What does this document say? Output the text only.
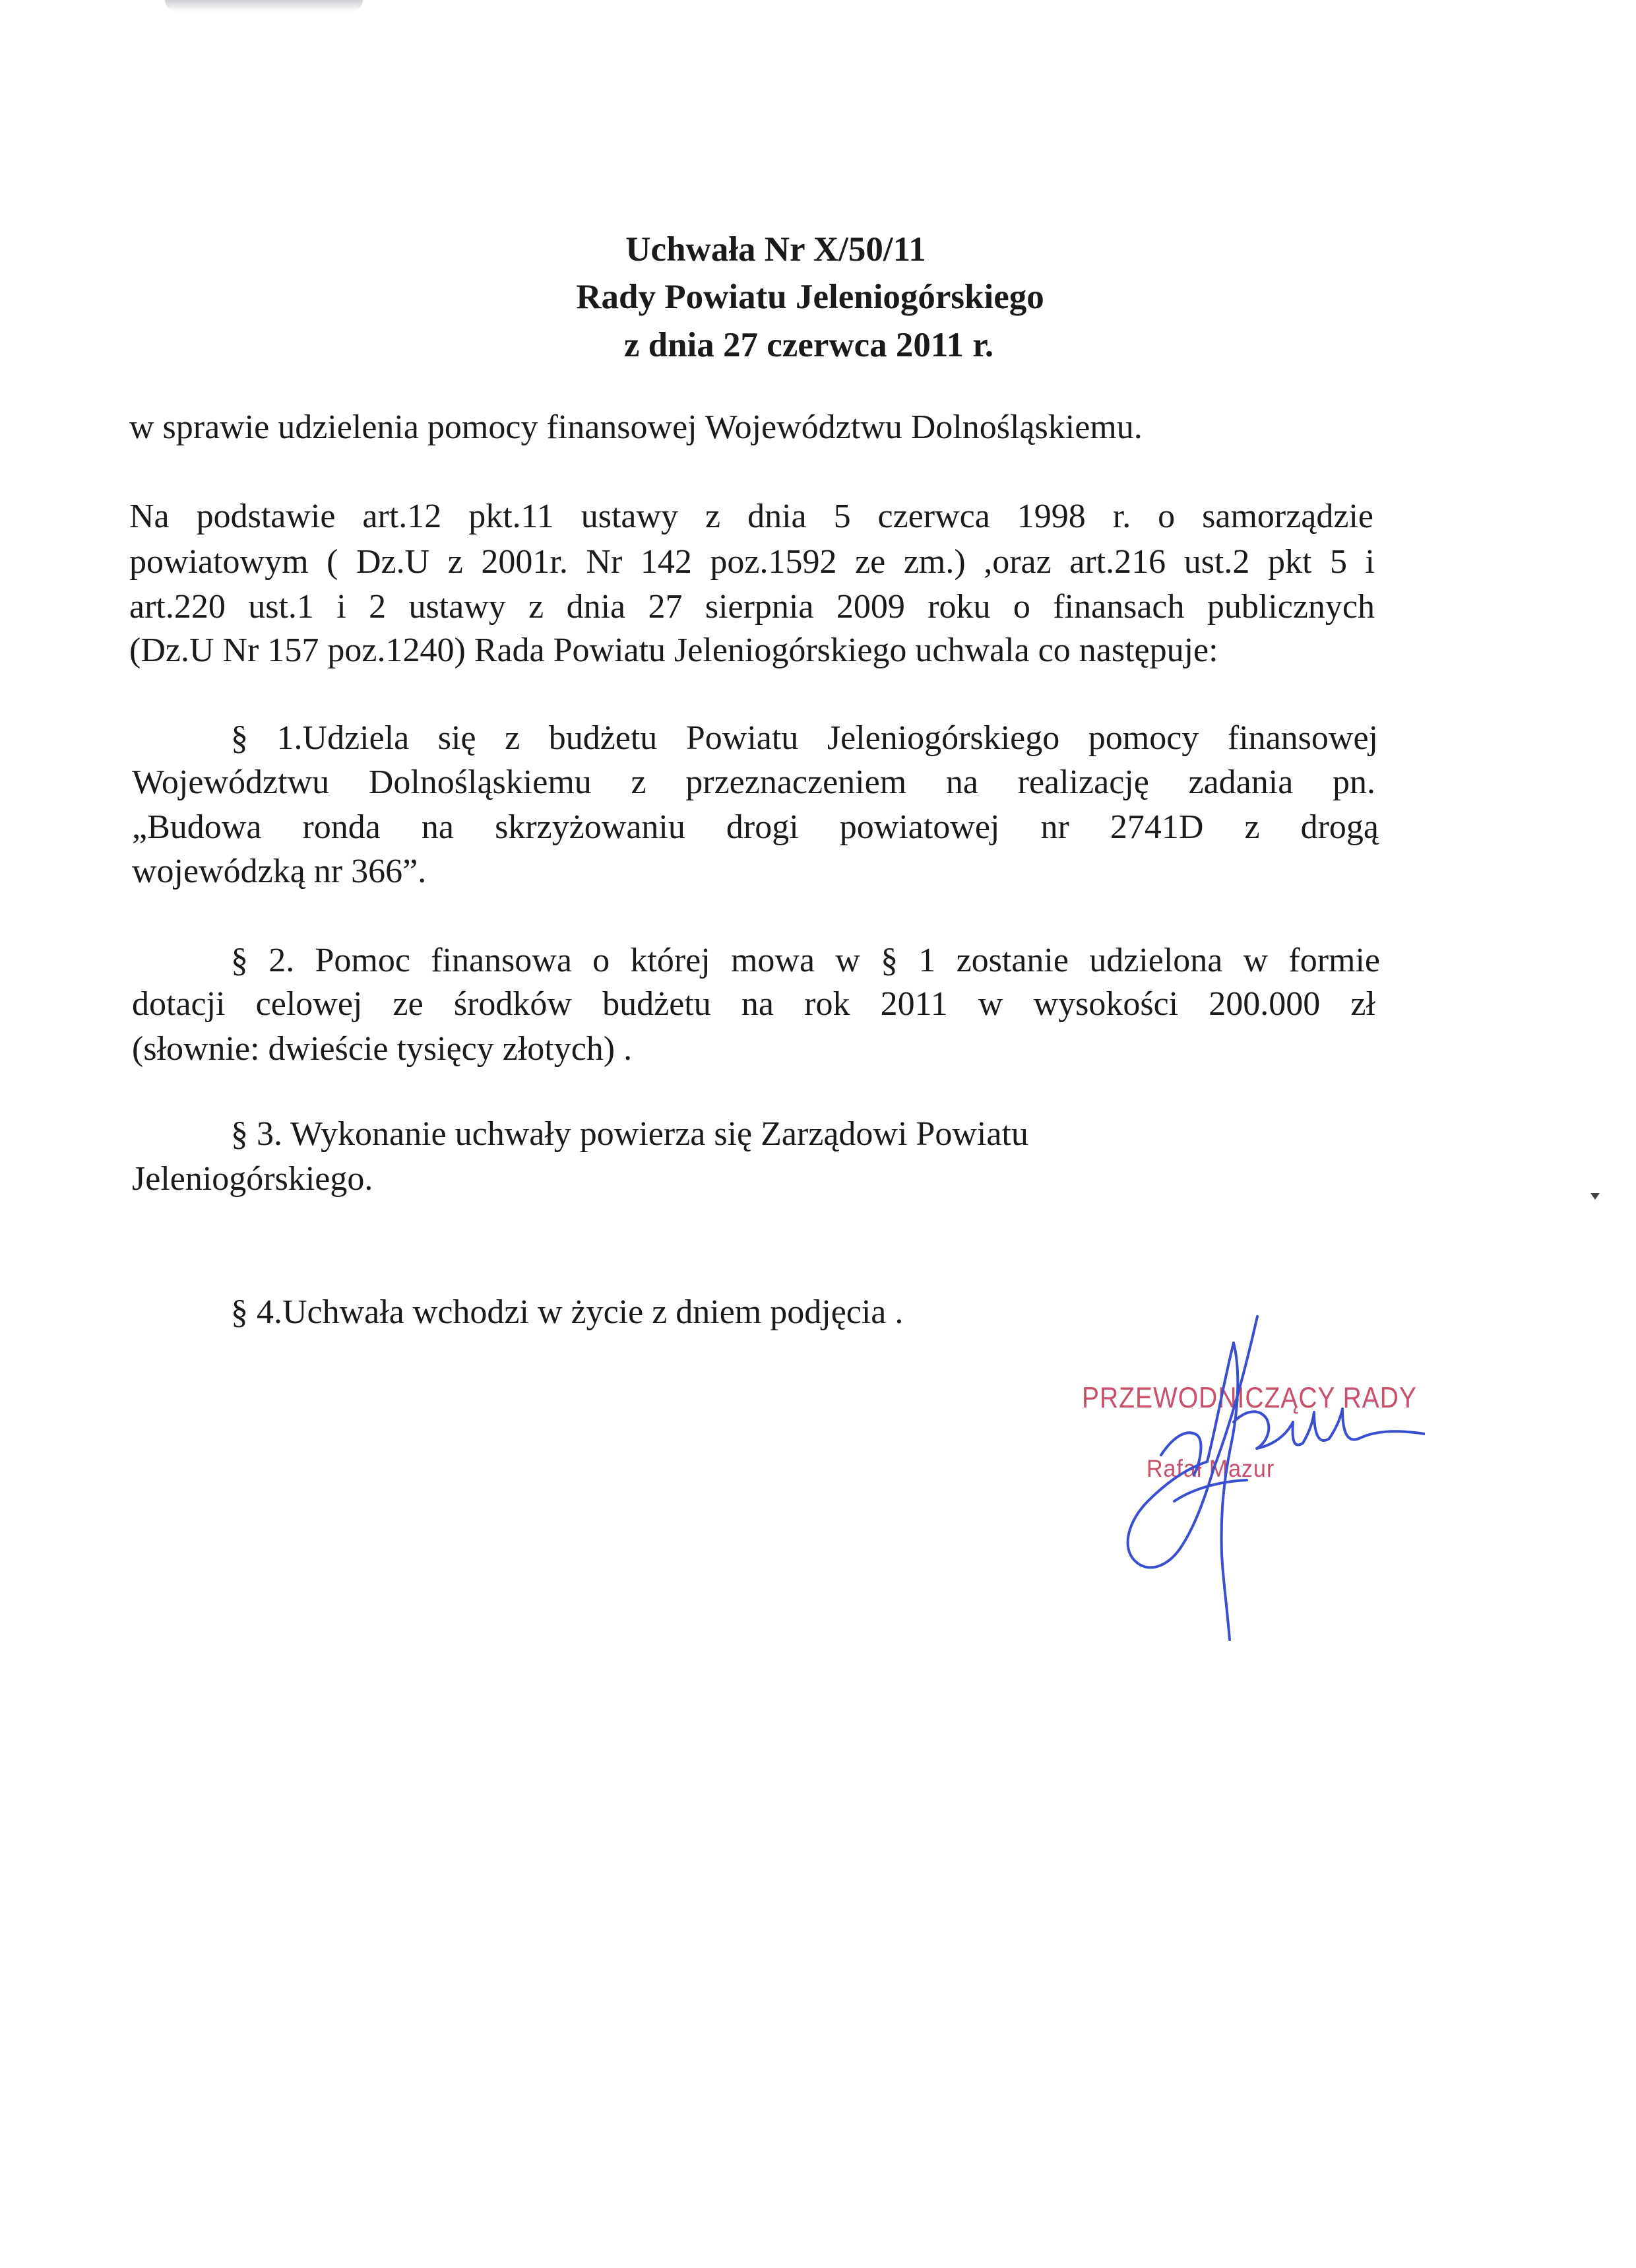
Uchwała Nr X/50/11
Rady Powiatu Jeleniogórskiego
z dnia 27 czerwca 2011 r.
w sprawie udzielenia pomocy finansowej Województwu Dolnośląskiemu.
Na podstawie art.12 pkt.11 ustawy z dnia 5 czerwca 1998 r. o samorządzie
powiatowym ( Dz.U z 2001r. Nr 142 poz.1592 ze zm.) ,oraz art.216 ust.2 pkt 5 i
art.220 ust.1 i 2 ustawy z dnia 27 sierpnia 2009 roku o finansach publicznych
(Dz.U Nr 157 poz.1240) Rada Powiatu Jeleniogórskiego uchwala co następuje:
§ 1.Udziela się z budżetu Powiatu Jeleniogórskiego pomocy finansowej
Województwu Dolnośląskiemu z przeznaczeniem na realizację zadania pn.
„Budowa ronda na skrzyżowaniu drogi powiatowej nr 2741D z drogą
wojewódzką nr 366”.
§ 2. Pomoc finansowa o której mowa w § 1 zostanie udzielona w formie
dotacji celowej ze środków budżetu na rok 2011 w wysokości 200.000 zł
(słownie: dwieście tysięcy złotych) .
§ 3. Wykonanie uchwały powierza się Zarządowi Powiatu
Jeleniogórskiego.
§ 4.Uchwała wchodzi w życie z dniem podjęcia .
PRZEWODNICZĄCY RADY
Rafał Mazur
